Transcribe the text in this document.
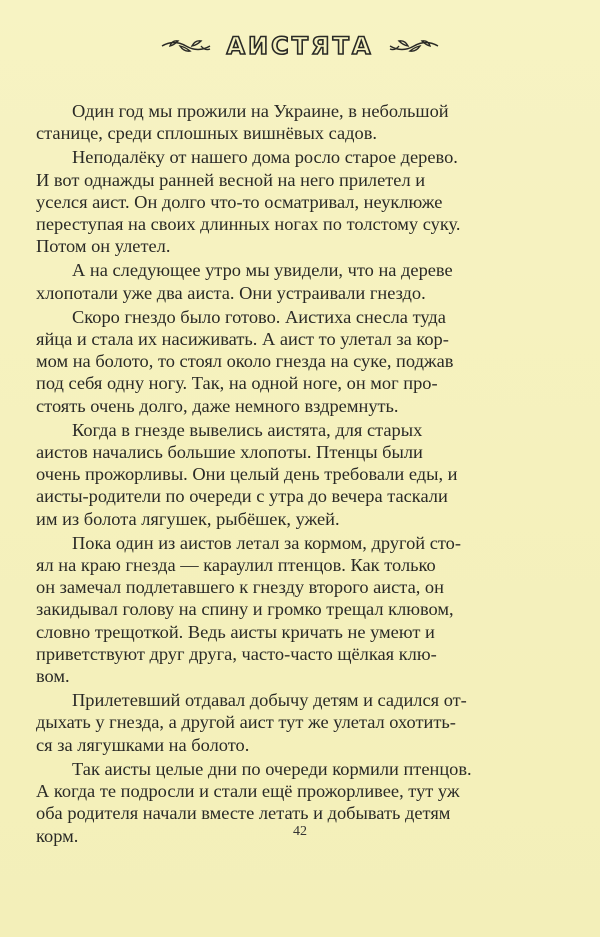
АИСТЯТА

Один год мы прожили на Украине, в небольшой
станице, среди сплошных вишнёвых садов.

Неподалёку от нашего дома росло старое дерево.
И вот однажды ранней весной на него прилетел и
уселся аист. Он долго что-то осматривал, неуклюже
переступая на своих длинных ногах по толстому суку.
Потом он улетел.

А на следующее утро мы увидели, что на дереве
хлопотали уже два аиста. Они устраивали гнездо.

Скоро гнездо было готово. Аистиха снесла туда
яйца и стала их насиживать. А аист то улетал за кор-
мом на болото, то стоял около гнезда на суке, поджав
под себя одну ногу. Так, на одной ноге, он мог про-
стоять очень долго, даже немного вздремнуть.

Когда в гнезде вывелись аистята, для старых
аистов начались большие хлопоты. Птенцы были
очень прожорливы. Они целый день требовали еды, и
аисты-родители по очереди с утра до вечера таскали
им из болота лягушек, рыбёшек, ужей.

Пока один из аистов летал за кормом, другой сто-
ял на краю гнезда — караулил птенцов. Как только
он замечал подлетавшего к гнезду второго аиста, он
закидывал голову на спину и громко трещал клювом,
словно трещоткой. Ведь аисты кричать не умеют и
приветствуют друг друга, часто-часто щёлкая клю-
вом.

Прилетевший отдавал добычу детям и садился от-
дыхать у гнезда, а другой аист тут же улетал охотить-
ся за лягушками на болото.

Так аисты целые дни по очереди кормили птенцов.
А когда те подросли и стали ещё прожорливее, тут уж
оба родителя начали вместе летать и добывать детям
корм.	42
